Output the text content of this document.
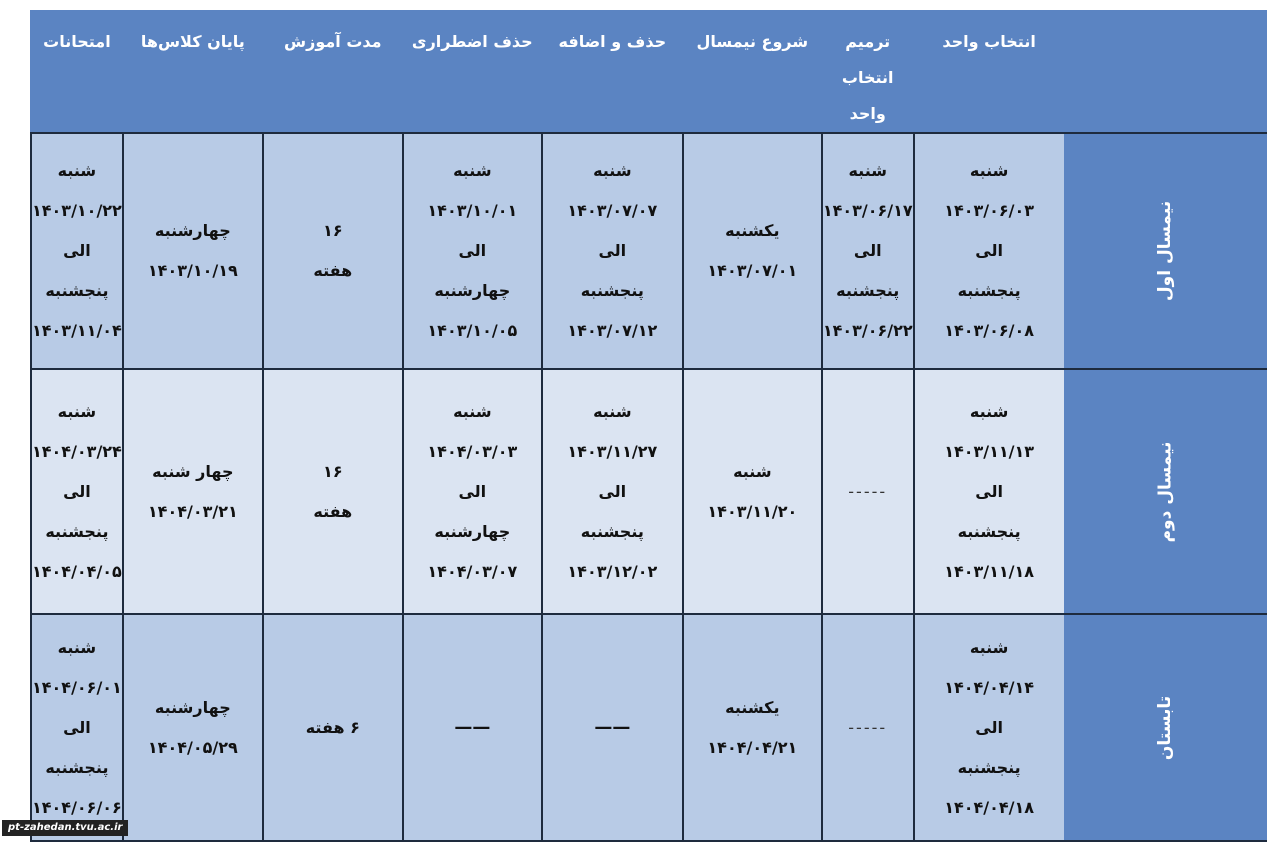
	انتخاب واحد	ترمیم انتخاب واحد	شروع نیمسال	حذف و اضافه	حذف اضطراری	مدت آموزش	پایان کلاس‌ها	امتحانات
نیمسال اول	شنبه
۱۴۰۳/۰۶/۰۳
الی
پنجشنبه
۱۴۰۳/۰۶/۰۸	شنبه
۱۴۰۳/۰۶/۱۷
الی
پنجشنبه
۱۴۰۳/۰۶/۲۲	یکشنبه
۱۴۰۳/۰۷/۰۱	شنبه
۱۴۰۳/۰۷/۰۷
الی
پنجشنبه
۱۴۰۳/۰۷/۱۲	شنبه
۱۴۰۳/۱۰/۰۱
الی
چهارشنبه
۱۴۰۳/۱۰/۰۵	۱۶
هفته	چهارشنبه
۱۴۰۳/۱۰/۱۹	شنبه
۱۴۰۳/۱۰/۲۲
الی
پنجشنبه
۱۴۰۳/۱۱/۰۴

نیمسال دوم	شنبه
۱۴۰۳/۱۱/۱۳
الی
پنجشنبه
۱۴۰۳/۱۱/۱۸	-----	شنبه
۱۴۰۳/۱۱/۲۰	شنبه
۱۴۰۳/۱۱/۲۷
الی
پنجشنبه
۱۴۰۳/۱۲/۰۲	شنبه
۱۴۰۴/۰۳/۰۳
الی
چهارشنبه
۱۴۰۴/۰۳/۰۷	۱۶
هفته	چهار شنبه
۱۴۰۴/۰۳/۲۱	شنبه
۱۴۰۴/۰۳/۲۴
الی
پنجشنبه
۱۴۰۴/۰۴/۰۵

تابستان	شنبه
۱۴۰۴/۰۴/۱۴
الی
پنجشنبه
۱۴۰۴/۰۴/۱۸	-----	یکشنبه
۱۴۰۴/۰۴/۲۱	——	——	۶ هفته	چهارشنبه
۱۴۰۴/۰۵/۲۹	شنبه
۱۴۰۴/۰۶/۰۱
الی
پنجشنبه
۱۴۰۴/۰۶/۰۶
pt-zahedan.tvu.ac.ir
